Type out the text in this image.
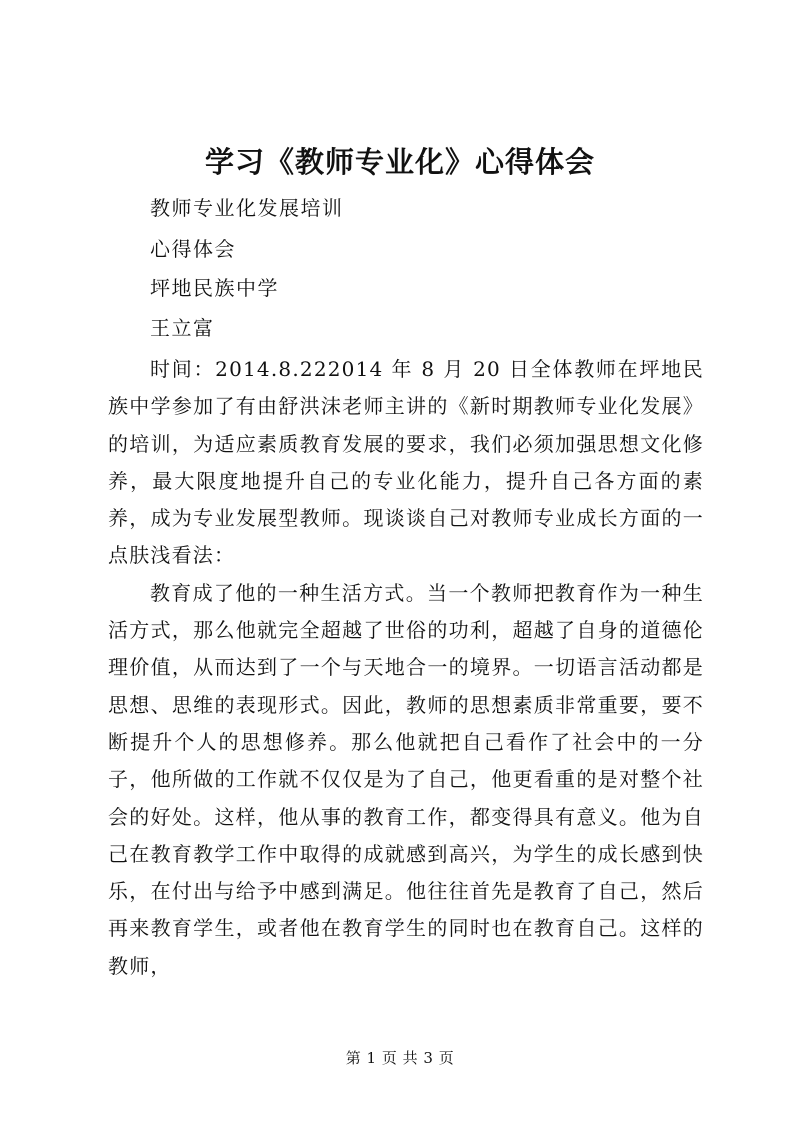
学习《教师专业化》心得体会
教师专业化发展培训
心得体会
坪地民族中学
王立富

时间：2014.8.222014 年 8 月 20 日全体教师在坪地民族中学参加了有由舒洪沫老师主讲的《新时期教师专业化发展》的培训，为适应素质教育发展的要求，我们必须加强思想文化修养，最大限度地提升自己的专业化能力，提升自己各方面的素养，成为专业发展型教师。现谈谈自己对教师专业成长方面的一点肤浅看法：

教育成了他的一种生活方式。当一个教师把教育作为一种生活方式，那么他就完全超越了世俗的功利，超越了自身的道德伦理价值，从而达到了一个与天地合一的境界。一切语言活动都是思想、思维的表现形式。因此，教师的思想素质非常重要，要不断提升个人的思想修养。那么他就把自己看作了社会中的一分子，他所做的工作就不仅仅是为了自己，他更看重的是对整个社会的好处。这样，他从事的教育工作，都变得具有意义。他为自己在教育教学工作中取得的成就感到高兴，为学生的成长感到快乐，在付出与给予中感到满足。他往往首先是教育了自己，然后再来教育学生，或者他在教育学生的同时也在教育自己。这样的教师，

第 1 页 共 3 页
